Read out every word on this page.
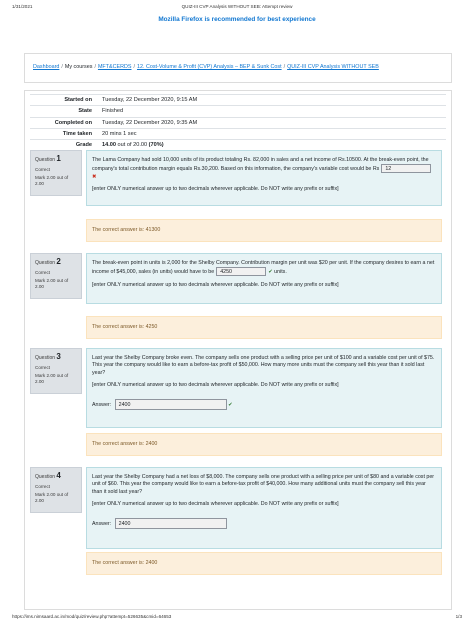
1/31/2021	QUIZ-III CVP Analysis WITHOUT SEB: Attempt review
Mozilla Firefox is recommended for best experience
Dashboard / My courses / MFT&CERDS / 12. Cost-Volume & Profit (CVP) Analysis – BEP & Sunk Cost / QUIZ-III CVP Analysis WITHOUT SEB
Started on	Tuesday, 22 December 2020, 9:15 AM
State	Finished
Completed on	Tuesday, 22 December 2020, 9:35 AM
Time taken	20 mins 1 sec
Grade	14.00 out of 20.00 (70%)
Question 1
Correct
Mark 2.00 out of 2.00

The Lama Company had sold 10,000 units of its product totaling Rs. 82,000 in sales and a net income of Rs.10500. At the break-even point, the company's total contribution margin equals Rs.30,200. Based on this information, the company's variable cost would be Rs 12✖

[enter ONLY numerical answer up to two decimals wherever applicable. Do NOT write any prefix or suffix]

The correct answer is: 41300
Question 2
Correct
Mark 2.00 out of 2.00

The break-even point in units is 2,000 for the Shelby Company. Contribution margin per unit was $20 per unit. If the company desires to earn a net income of $45,000, sales (in units) would have to be 4250 ✔	units.

[enter ONLY numerical answer up to two decimals wherever applicable. Do NOT write any prefix or suffix]

The correct answer is: 4250
Question 3
Correct
Mark 2.00 out of 2.00

Last year the Shelby Company broke even. The company sells one product with a selling price per unit of $100 and a variable cost per unit of $75. This year the company would like to earn a before-tax profit of $50,000. How many more units must the company sell this year than it sold last year?

[enter ONLY numerical answer up to two decimals wherever applicable. Do NOT write any prefix or suffix]

Answer: 2400 ✔
The correct answer is: 2400
Question 4
Correct
Mark 2.00 out of 2.00

Last year the Shelby Company had a net loss of $8,000. The company sells one product with a selling price per unit of $80 and a variable cost per unit of $60. This year the company would like to earn a before-tax profit of $40,000. How many additional units must the company sell this year than it sold last year?

[enter ONLY numerical answer up to two decimals wherever applicable. Do NOT write any prefix or suffix]

Answer: 2400
The correct answer is: 2400
https://ims.nimsaard.ac.in/mod/quiz/review.php?attempt=526635&cmid=64653	1/3
